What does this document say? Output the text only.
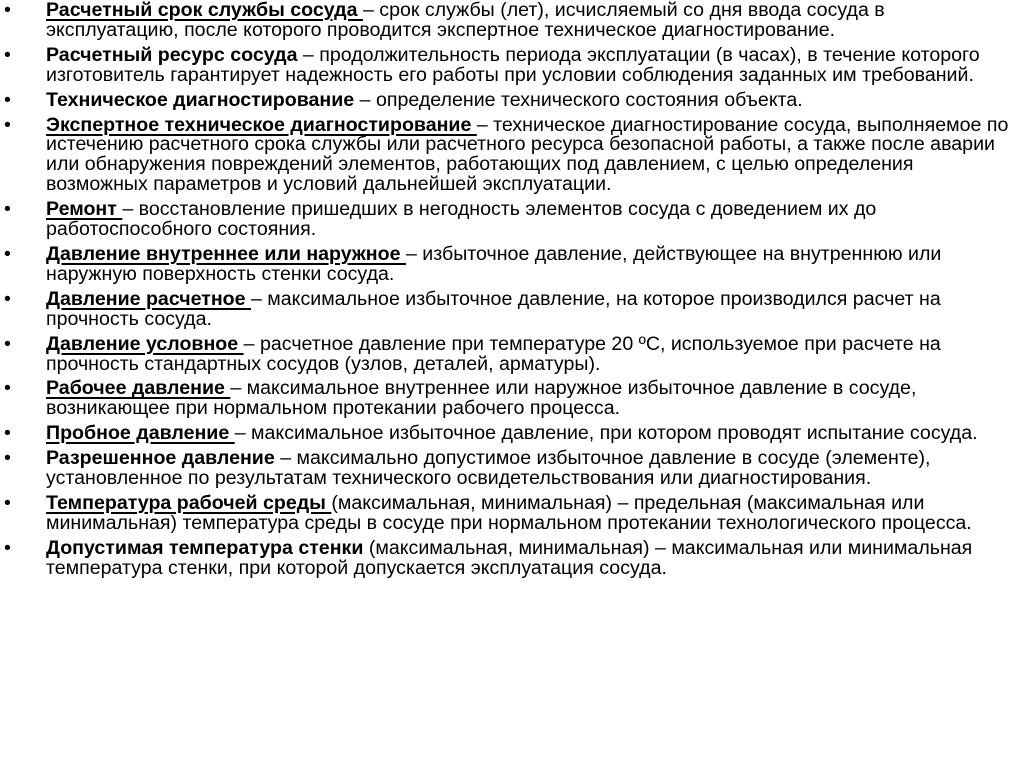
• Расчетный срок службы сосуда – срок службы (лет), исчисляемый со дня ввода сосуда в эксплуатацию, после которого проводится экспертное техническое диагностирование.
• Расчетный ресурс сосуда – продолжительность периода эксплуатации (в часах), в течение которого изготовитель гарантирует надежность его работы при условии соблюдения заданных им требований.
• Техническое диагностирование – определение технического состояния объекта.
• Экспертное техническое диагностирование – техническое диагностирование сосуда, выполняемое по истечению расчетного срока службы или расчетного ресурса безопасной работы, а также после аварии или обнаружения повреждений элементов, работающих под давлением, с целью определения возможных параметров и условий дальнейшей эксплуатации.
• Ремонт – восстановление пришедших в негодность элементов сосуда с доведением их до работоспособного состояния.
• Давление внутреннее или наружное – избыточное давление, действующее на внутреннюю или наружную поверхность стенки сосуда.
• Давление расчетное – максимальное избыточное давление, на которое производился расчет на прочность сосуда.
• Давление условное – расчетное давление при температуре 20 ºС, используемое при расчете на прочность стандартных сосудов (узлов, деталей, арматуры).
• Рабочее давление – максимальное внутреннее или наружное избыточное давление в сосуде, возникающее при нормальном протекании рабочего процесса.
• Пробное давление – максимальное избыточное давление, при котором проводят испытание сосуда.
• Разрешенное давление – максимально допустимое избыточное давление в сосуде (элементе), установленное по результатам технического освидетельствования или диагностирования.
• Температура рабочей среды (максимальная, минимальная) – предельная (максимальная или минимальная) температура среды в сосуде при нормальном протекании технологического процесса.
• Допустимая температура стенки (максимальная, минимальная) – максимальная или минимальная температура стенки, при которой допускается эксплуатация сосуда.
